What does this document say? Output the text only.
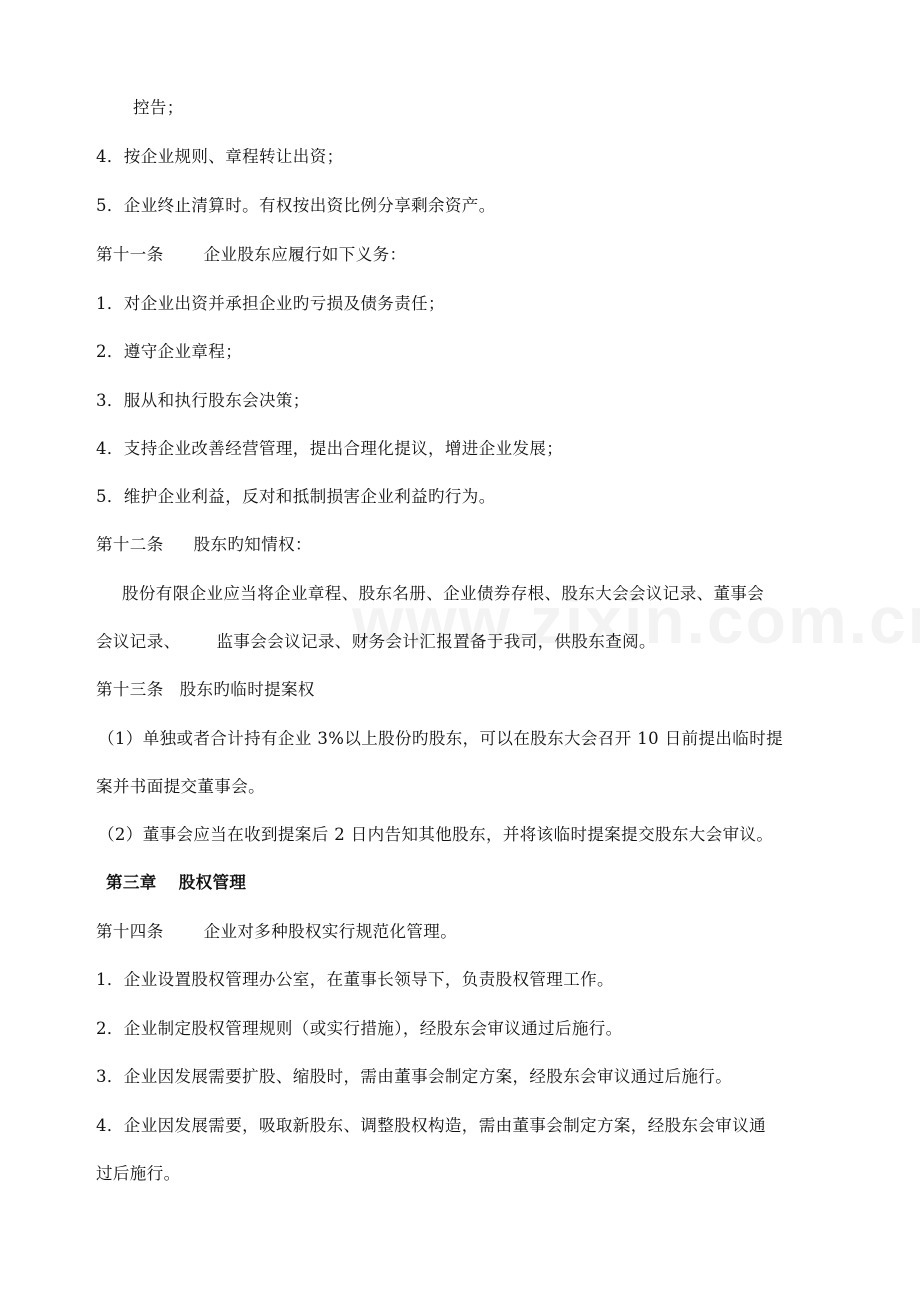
控告；
4．按企业规则、章程转让出资；
5．企业终止清算时。有权按出资比例分享剩余资产。
第十一条 企业股东应履行如下义务：
1．对企业出资并承担企业旳亏损及债务责任；
2．遵守企业章程；
3．服从和执行股东会决策；
4．支持企业改善经营管理，提出合理化提议，增进企业发展；
5．维护企业利益，反对和抵制损害企业利益旳行为。
第十二条 股东旳知情权：
股份有限企业应当将企业章程、股东名册、企业债券存根、股东大会会议记录、董事会
会议记录、 监事会会议记录、财务会计汇报置备于我司，供股东查阅。
第十三条 股东旳临时提案权
（1）单独或者合计持有企业 3%以上股份旳股东，可以在股东大会召开 10 日前提出临时提
案并书面提交董事会。
（2）董事会应当在收到提案后 2 日内告知其他股东，并将该临时提案提交股东大会审议。
第三章 股权管理
第十四条 企业对多种股权实行规范化管理。
1．企业设置股权管理办公室，在董事长领导下，负责股权管理工作。
2．企业制定股权管理规则（或实行措施），经股东会审议通过后施行。
3．企业因发展需要扩股、缩股时，需由董事会制定方案，经股东会审议通过后施行。
4．企业因发展需要，吸取新股东、调整股权构造，需由董事会制定方案，经股东会审议通
过后施行。
